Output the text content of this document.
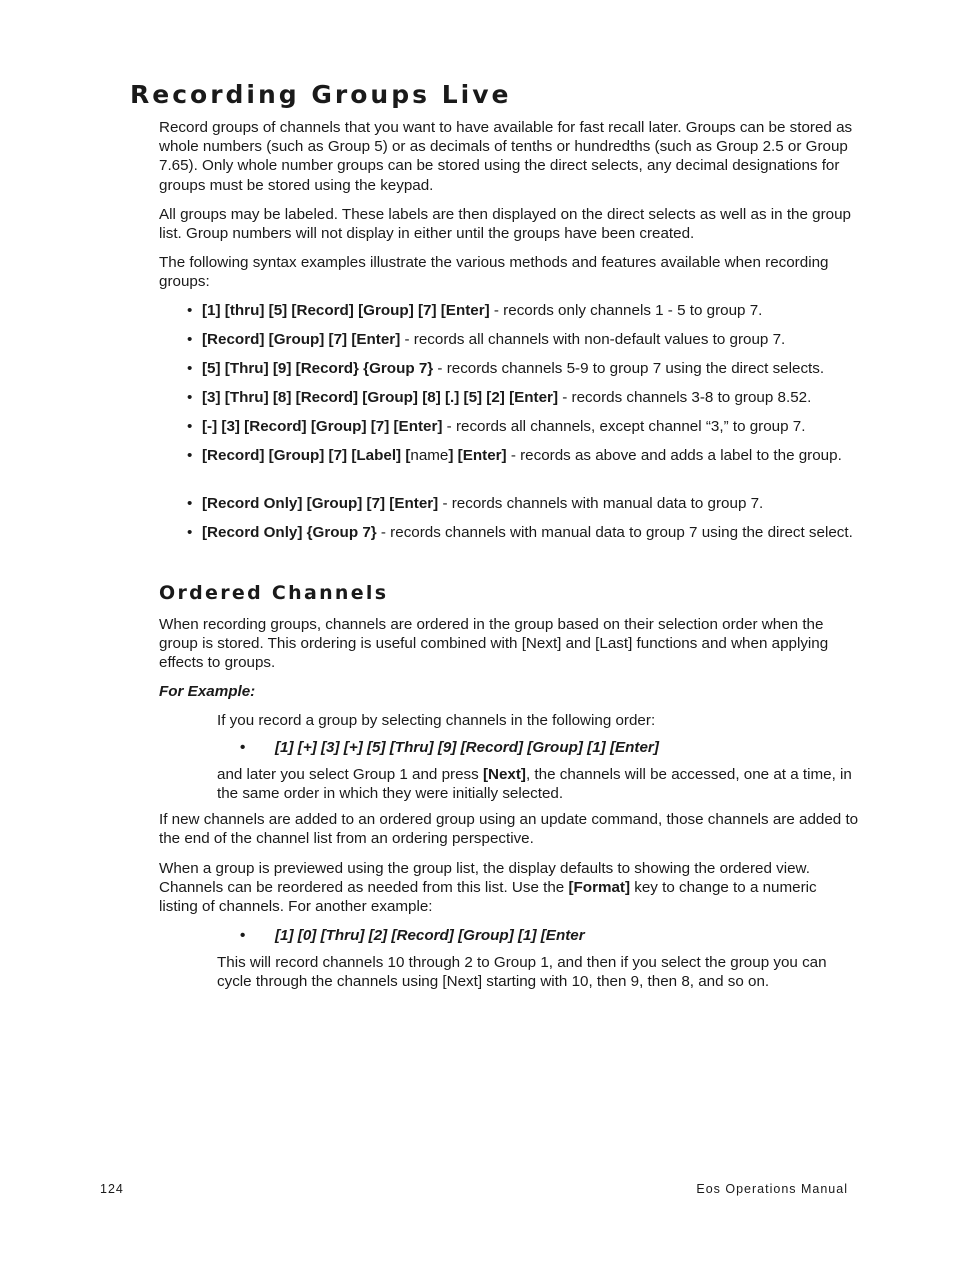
Recording Groups Live

Record groups of channels that you want to have available for fast recall later. Groups can be stored as whole numbers (such as Group 5) or as decimals of tenths or hundredths (such as Group 2.5 or Group 7.65). Only whole number groups can be stored using the direct selects, any decimal designations for groups must be stored using the keypad.

All groups may be labeled. These labels are then displayed on the direct selects as well as in the group list. Group numbers will not display in either until the groups have been created.

The following syntax examples illustrate the various methods and features available when recording groups:

• [1] [thru] [5] [Record] [Group] [7] [Enter] - records only channels 1 - 5 to group 7.
• [Record] [Group] [7] [Enter] - records all channels with non-default values to group 7.
• [5] [Thru] [9] [Record} {Group 7} - records channels 5-9 to group 7 using the direct selects.
• [3] [Thru] [8] [Record] [Group] [8] [.] [5] [2] [Enter] - records channels 3-8 to group 8.52.
• [-] [3] [Record] [Group] [7] [Enter] - records all channels, except channel “3,” to group 7.
• [Record] [Group] [7] [Label] [name] [Enter] - records as above and adds a label to the group.
• [Record Only] [Group] [7] [Enter] - records channels with manual data to group 7.
• [Record Only] {Group 7} - records channels with manual data to group 7 using the direct select.
Ordered Channels

When recording groups, channels are ordered in the group based on their selection order when the group is stored. This ordering is useful combined with [Next] and [Last] functions and when applying effects to groups.

For Example:

If you record a group by selecting channels in the following order:

• [1] [+] [3] [+] [5] [Thru] [9] [Record] [Group] [1] [Enter]

and later you select Group 1 and press [Next], the channels will be accessed, one at a time, in the same order in which they were initially selected.

If new channels are added to an ordered group using an update command, those channels are added to the end of the channel list from an ordering perspective.

When a group is previewed using the group list, the display defaults to showing the ordered view. Channels can be reordered as needed from this list. Use the [Format] key to change to a numeric listing of channels. For another example:

• [1] [0] [Thru] [2] [Record] [Group] [1] [Enter

This will record channels 10 through 2 to Group 1, and then if you select the group you can cycle through the channels using [Next] starting with 10, then 9, then 8, and so on.

124	Eos Operations Manual
